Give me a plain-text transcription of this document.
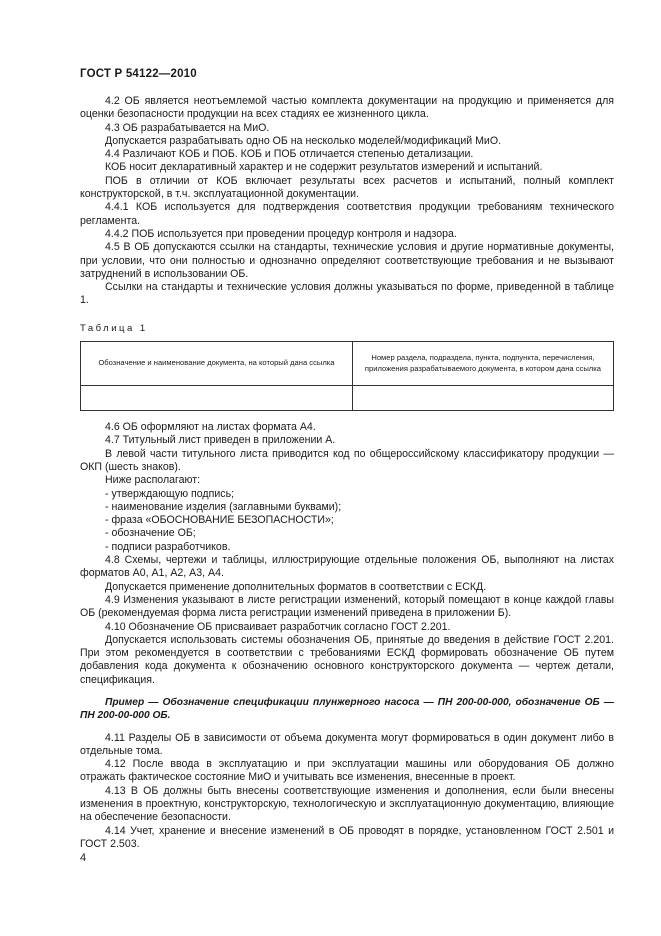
ГОСТ Р 54122—2010

4.2 ОБ является неотъемлемой частью комплекта документации на продукцию и применяется для оценки безопасности продукции на всех стадиях ее жизненного цикла.

4.3 ОБ разрабатывается на МиО.

Допускается разрабатывать одно ОБ на несколько моделей/модификаций МиО.

4.4 Различают КОБ и ПОБ. КОБ и ПОБ отличается степенью детализации.

КОБ носит декларативный характер и не содержит результатов измерений и испытаний.

ПОБ в отличии от КОБ включает результаты всех расчетов и испытаний, полный комплект конструкторской, в т.ч. эксплуатационной документации.

4.4.1 КОБ используется для подтверждения соответствия продукции требованиям технического регламента.

4.4.2 ПОБ используется при проведении процедур контроля и надзора.

4.5 В ОБ допускаются ссылки на стандарты, технические условия и другие нормативные документы, при условии, что они полностью и однозначно определяют соответствующие требования и не вызывают затруднений в использовании ОБ.

Ссылки на стандарты и технические условия должны указываться по форме, приведенной в таблице 1.

Таблица 1
Обозначение и наименование документа, на который дана ссылка	Номер раздела, подраздела, пункта, подпункта, перечисления, приложения разрабатываемого документа, в котором дана ссылка

4.6 ОБ оформляют на листах формата А4.

4.7 Титульный лист приведен в приложении А.

В левой части титульного листа приводится код по общероссийскому классификатору продукции — ОКП (шесть знаков).

Ниже располагают:

- утверждающую подпись;

- наименование изделия (заглавными буквами);

- фраза «ОБОСНОВАНИЕ БЕЗОПАСНОСТИ»;

- обозначение ОБ;

- подписи разработчиков.

4.8 Схемы, чертежи и таблицы, иллюстрирующие отдельные положения ОБ, выполняют на листах форматов А0, А1, А2, А3, А4.

Допускается применение дополнительных форматов в соответствии с ЕСКД.

4.9 Изменения указывают в листе регистрации изменений, который помещают в конце каждой главы ОБ (рекомендуемая форма листа регистрации изменений приведена в приложении Б).

4.10 Обозначение ОБ присваивает разработчик согласно ГОСТ 2.201.

Допускается использовать системы обозначения ОБ, принятые до введения в действие ГОСТ 2.201. При этом рекомендуется в соответствии с требованиями ЕСКД формировать обозначение ОБ путем добавления кода документа к обозначению основного конструкторского документа — чертеж детали, спецификация.

Пример — Обозначение спецификации плунжерного насоса — ПН 200-00-000, обозначение ОБ — ПН 200-00-000 ОБ.

4.11 Разделы ОБ в зависимости от объема документа могут формироваться в один документ либо в отдельные тома.

4.12 После ввода в эксплуатацию и при эксплуатации машины или оборудования ОБ должно отражать фактическое состояние МиО и учитывать все изменения, внесенные в проект.

4.13 В ОБ должны быть внесены соответствующие изменения и дополнения, если были внесены изменения в проектную, конструкторскую, технологическую и эксплуатационную документацию, влияющие на обеспечение безопасности.

4.14 Учет, хранение и внесение изменений в ОБ проводят в порядке, установленном ГОСТ 2.501 и ГОСТ 2.503.

4
